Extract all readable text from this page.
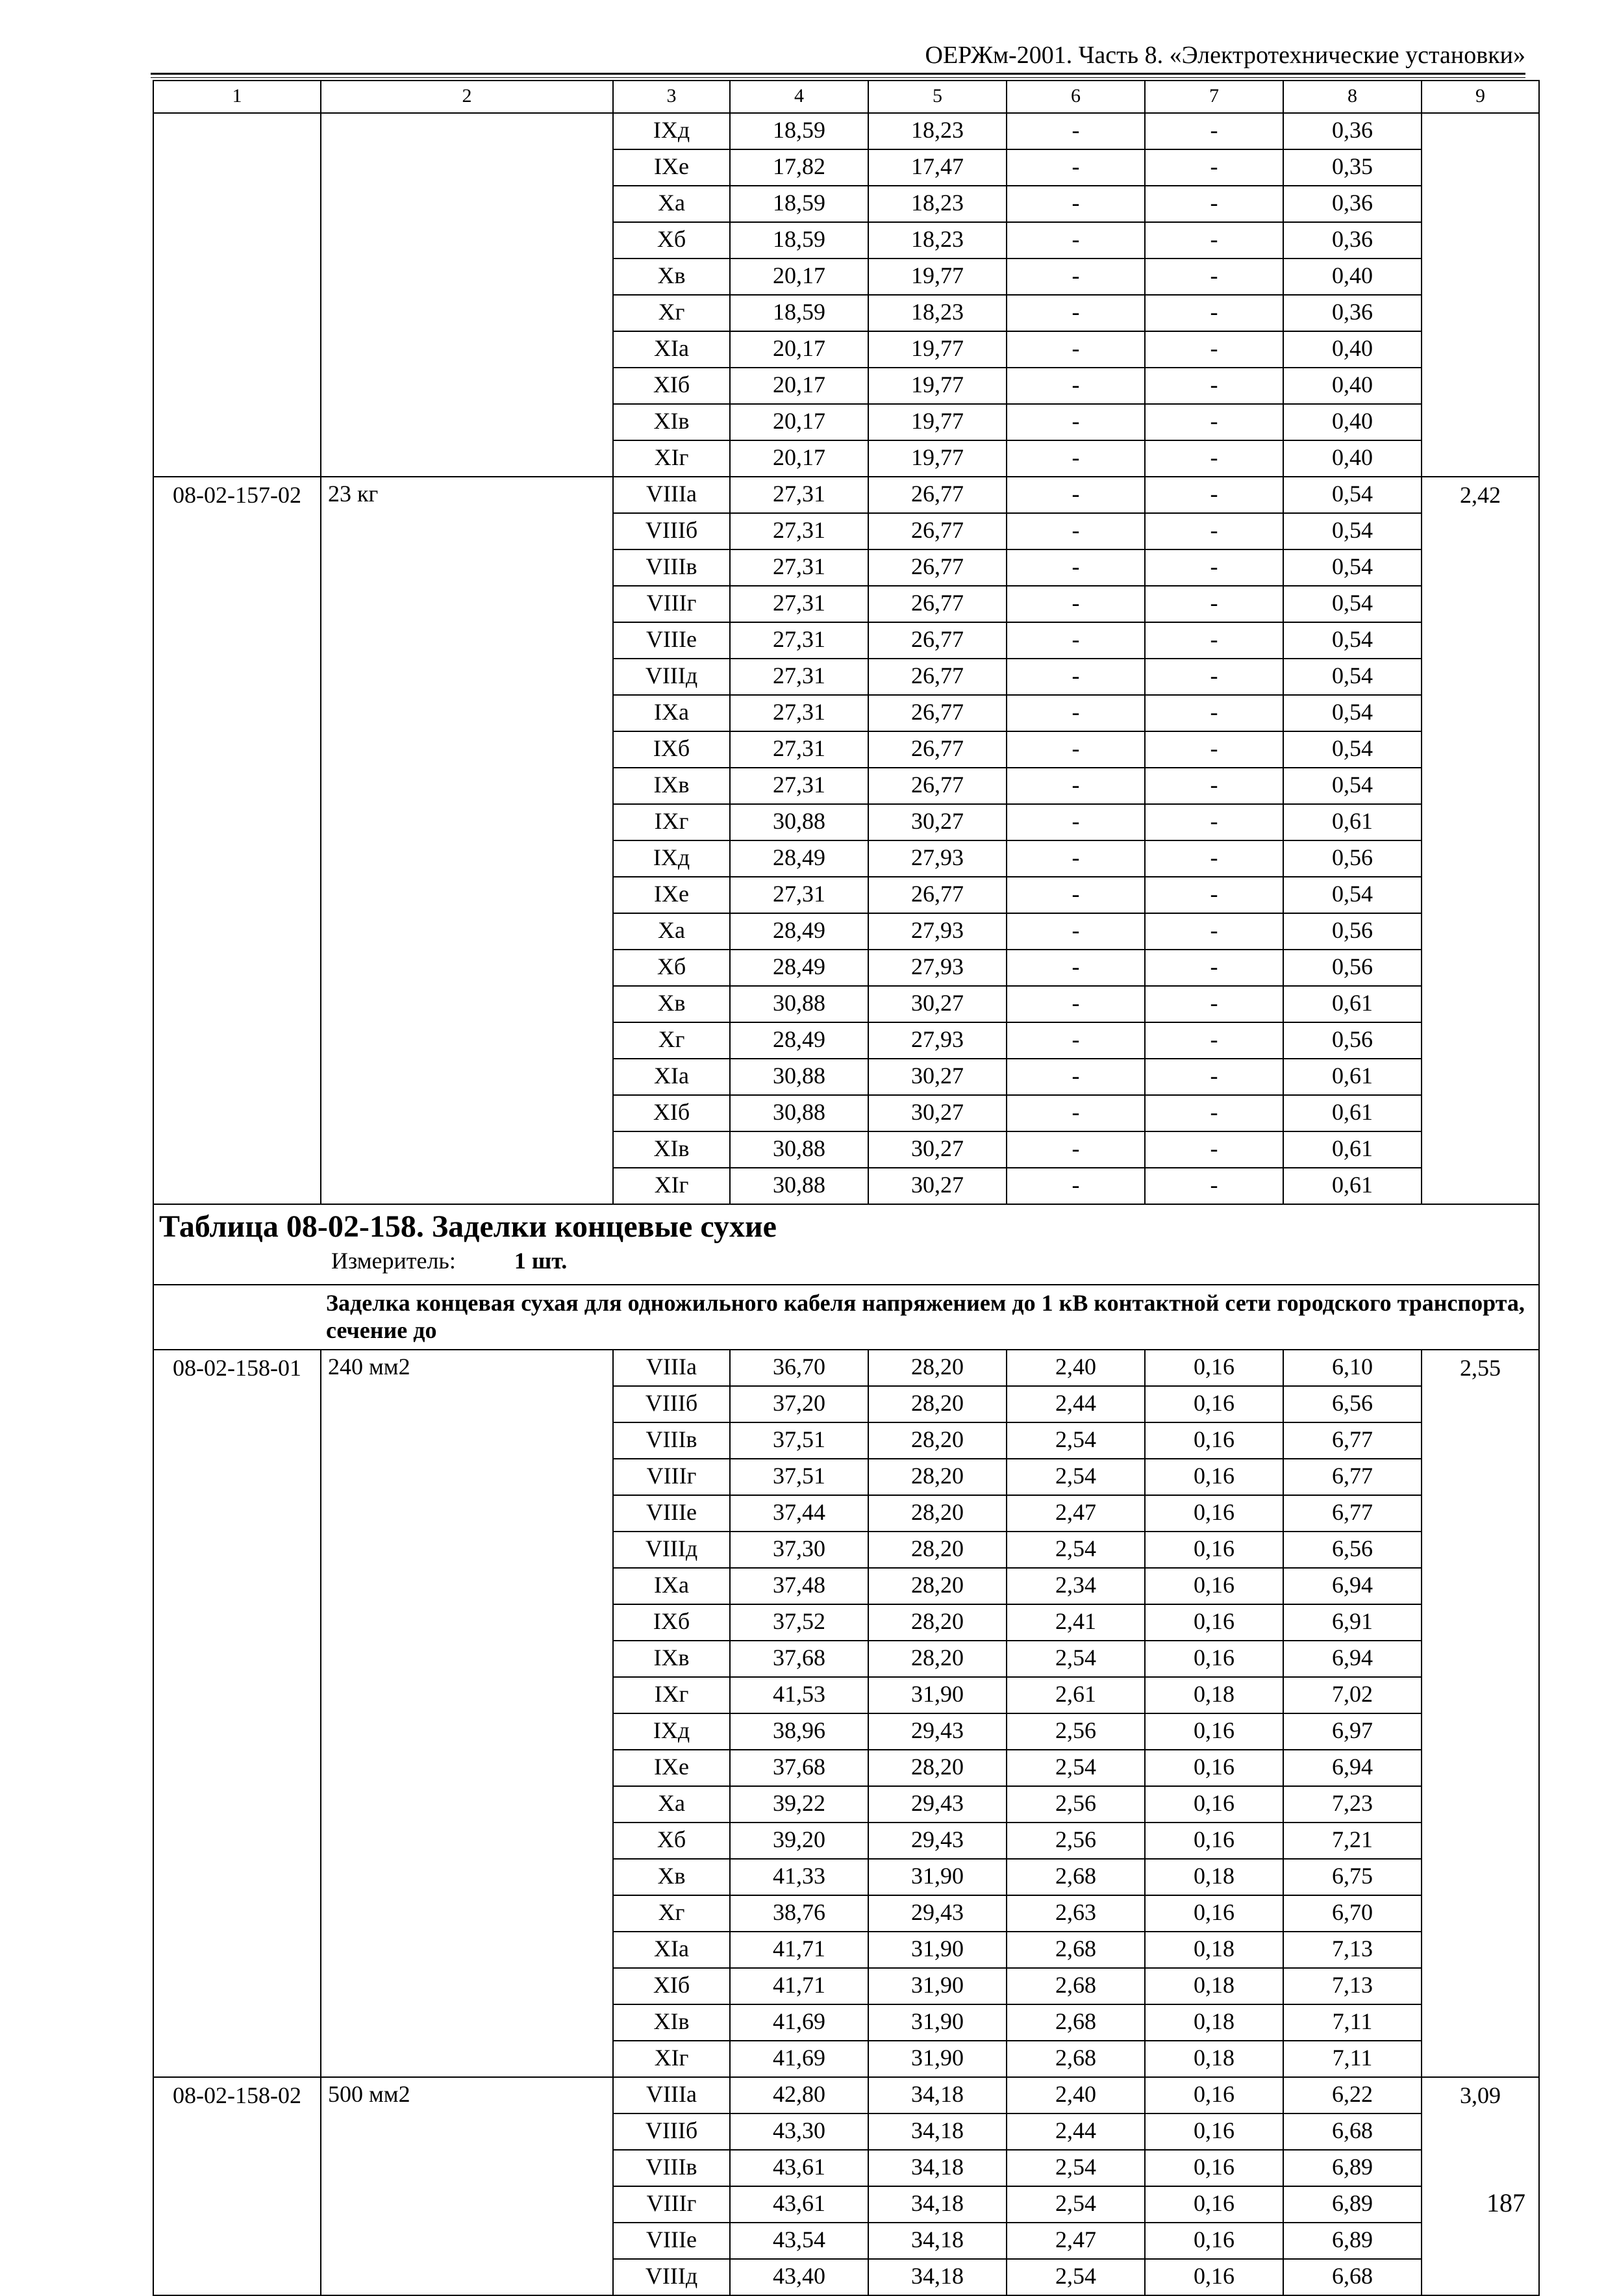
ОЕРЖм-2001. Часть 8. «Электротехнические установки»
1	2	3	4	5	6	7	8	9
		IXд	18,59	18,23	-	-	0,36	
		IXе	17,82	17,47	-	-	0,35	
		Xа	18,59	18,23	-	-	0,36	
		Xб	18,59	18,23	-	-	0,36	
		Xв	20,17	19,77	-	-	0,40	
		Xг	18,59	18,23	-	-	0,36	
		XIа	20,17	19,77	-	-	0,40	
		XIб	20,17	19,77	-	-	0,40	
		XIв	20,17	19,77	-	-	0,40	
		XIг	20,17	19,77	-	-	0,40	
08-02-157-02	23 кг	VIIIа	27,31	26,77	-	-	0,54	2,42
		VIIIб	27,31	26,77	-	-	0,54	
		VIIIв	27,31	26,77	-	-	0,54	
		VIIIг	27,31	26,77	-	-	0,54	
		VIIIе	27,31	26,77	-	-	0,54	
		VIIIд	27,31	26,77	-	-	0,54	
		IXа	27,31	26,77	-	-	0,54	
		IXб	27,31	26,77	-	-	0,54	
		IXв	27,31	26,77	-	-	0,54	
		IXг	30,88	30,27	-	-	0,61	
		IXд	28,49	27,93	-	-	0,56	
		IXе	27,31	26,77	-	-	0,54	
		Xа	28,49	27,93	-	-	0,56	
		Xб	28,49	27,93	-	-	0,56	
		Xв	30,88	30,27	-	-	0,61	
		Xг	28,49	27,93	-	-	0,56	
		XIа	30,88	30,27	-	-	0,61	
		XIб	30,88	30,27	-	-	0,61	
		XIв	30,88	30,27	-	-	0,61	
		XIг	30,88	30,27	-	-	0,61	

Таблица 08-02-158. Заделки концевые сухие
Измеритель: 1 шт.								

Заделка концевая сухая для одножильного кабеля напряжением до 1 кВ контактной сети городского транспорта, сечение до								
08-02-158-01	240 мм2	VIIIа	36,70	28,20	2,40	0,16	6,10	2,55
		VIIIб	37,20	28,20	2,44	0,16	6,56	
		VIIIв	37,51	28,20	2,54	0,16	6,77	
		VIIIг	37,51	28,20	2,54	0,16	6,77	
		VIIIе	37,44	28,20	2,47	0,16	6,77	
		VIIIд	37,30	28,20	2,54	0,16	6,56	
		IXа	37,48	28,20	2,34	0,16	6,94	
		IXб	37,52	28,20	2,41	0,16	6,91	
		IXв	37,68	28,20	2,54	0,16	6,94	
		IXг	41,53	31,90	2,61	0,18	7,02	
		IXд	38,96	29,43	2,56	0,16	6,97	
		IXе	37,68	28,20	2,54	0,16	6,94	
		Xа	39,22	29,43	2,56	0,16	7,23	
		Xб	39,20	29,43	2,56	0,16	7,21	
		Xв	41,33	31,90	2,68	0,18	6,75	
		Xг	38,76	29,43	2,63	0,16	6,70	
		XIа	41,71	31,90	2,68	0,18	7,13	
		XIб	41,71	31,90	2,68	0,18	7,13	
		XIв	41,69	31,90	2,68	0,18	7,11	
		XIг	41,69	31,90	2,68	0,18	7,11	
08-02-158-02	500 мм2	VIIIа	42,80	34,18	2,40	0,16	6,22	3,09
		VIIIб	43,30	34,18	2,44	0,16	6,68	
		VIIIв	43,61	34,18	2,54	0,16	6,89	
		VIIIг	43,61	34,18	2,54	0,16	6,89	
		VIIIе	43,54	34,18	2,47	0,16	6,89	
		VIIIд	43,40	34,18	2,54	0,16	6,68	
187
